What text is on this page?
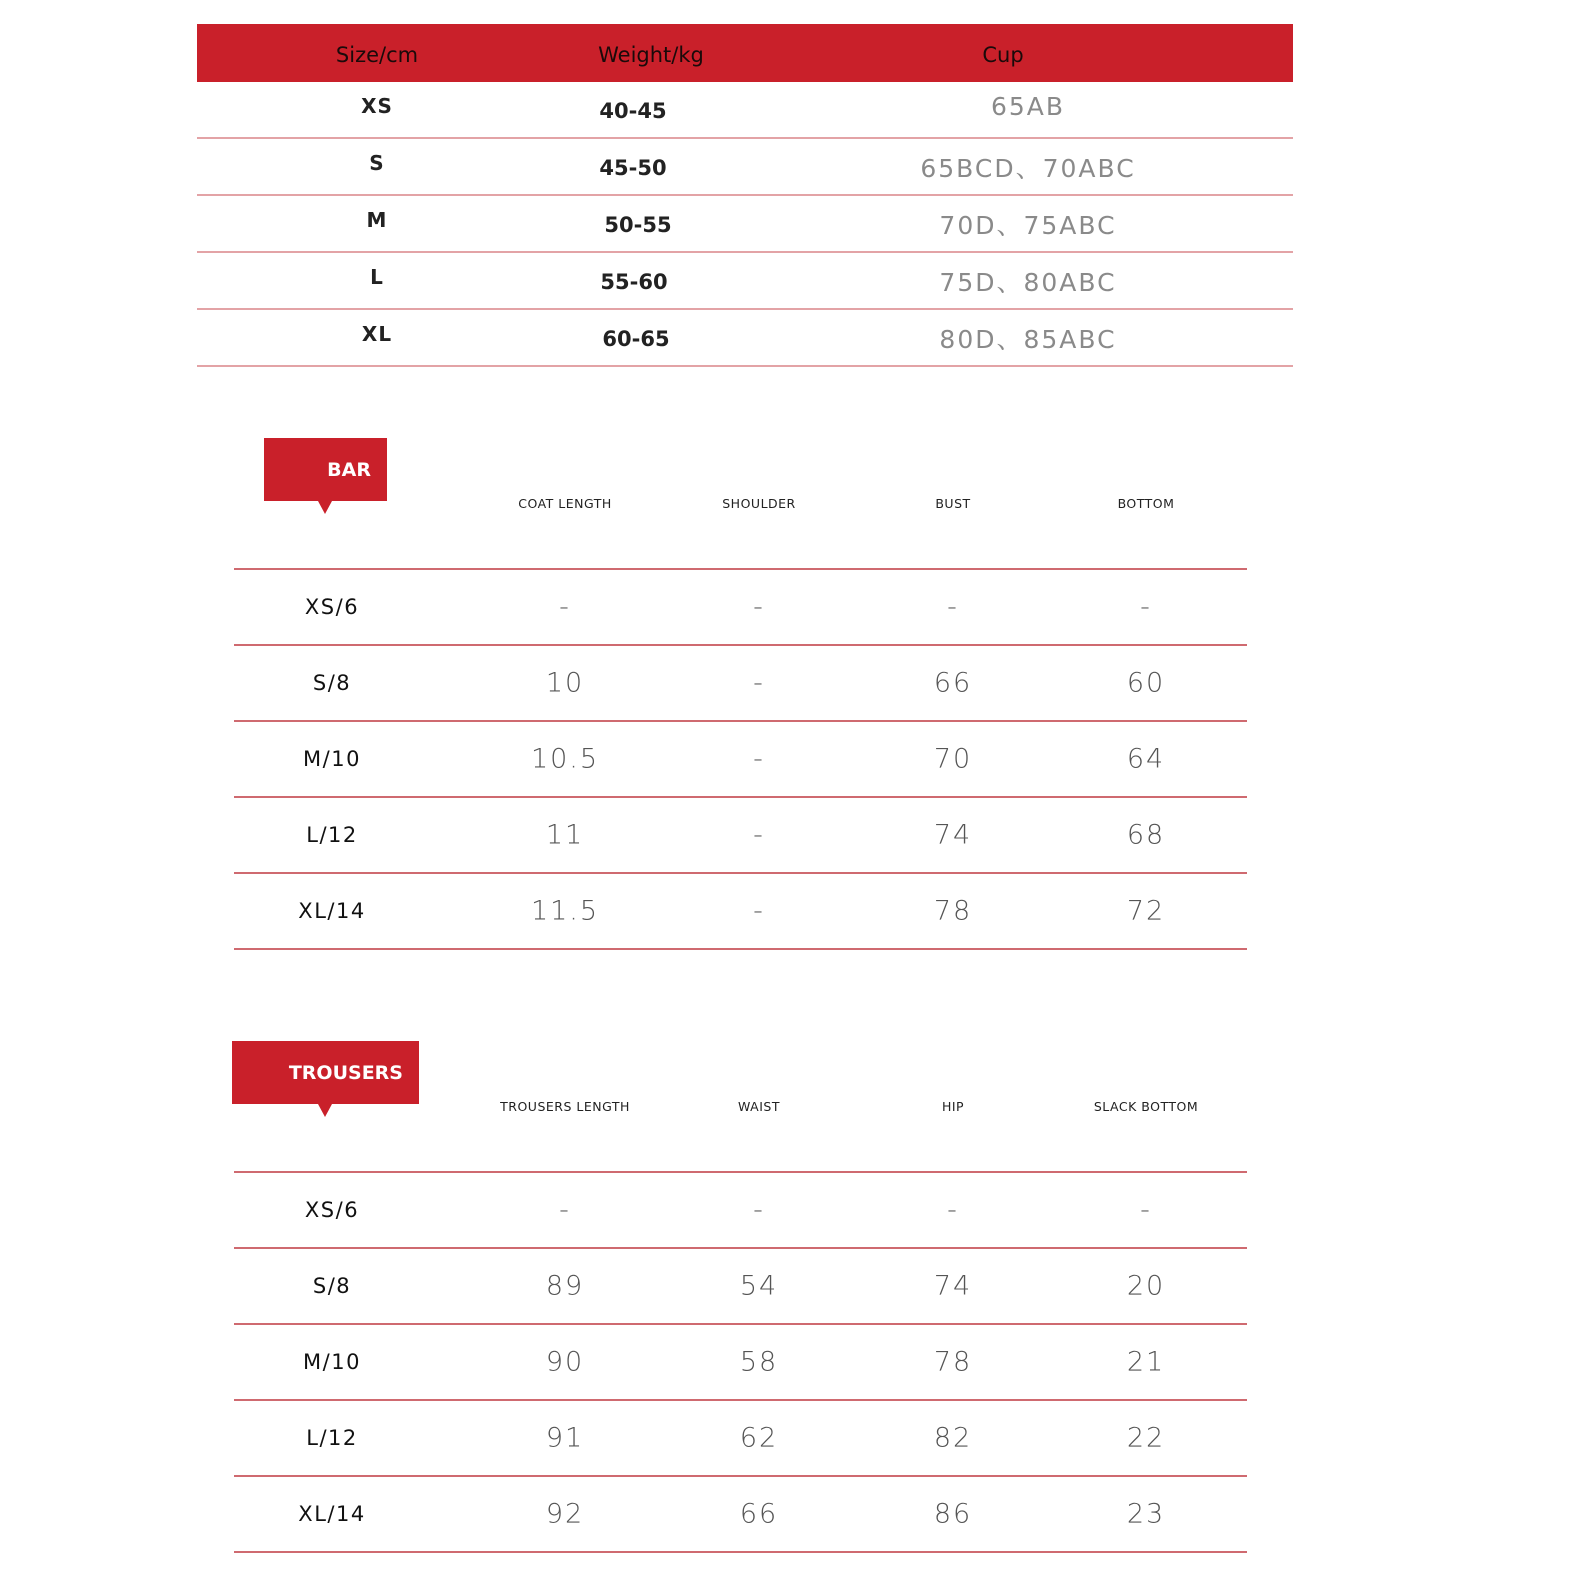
Size/cm	Weight/kg	Cup
XS	40-45	65AB
S	45-50	65BCD、70ABC
M	50-55	70D、75ABC
L	55-60	75D、80ABC
XL	60-65	80D、85ABC
BAR
COAT LENGTH	SHOULDER	BUST	BOTTOM
XS/6	-	-	-	-
S/8	10	-	66	60
M/10	10.5	-	70	64
L/12	11	-	74	68
XL/14	11.5	-	78	72
TROUSERS
TROUSERS LENGTH	WAIST	HIP	SLACK BOTTOM
XS/6	-	-	-	-
S/8	89	54	74	20
M/10	90	58	78	21
L/12	91	62	82	22
XL/14	92	66	86	23
